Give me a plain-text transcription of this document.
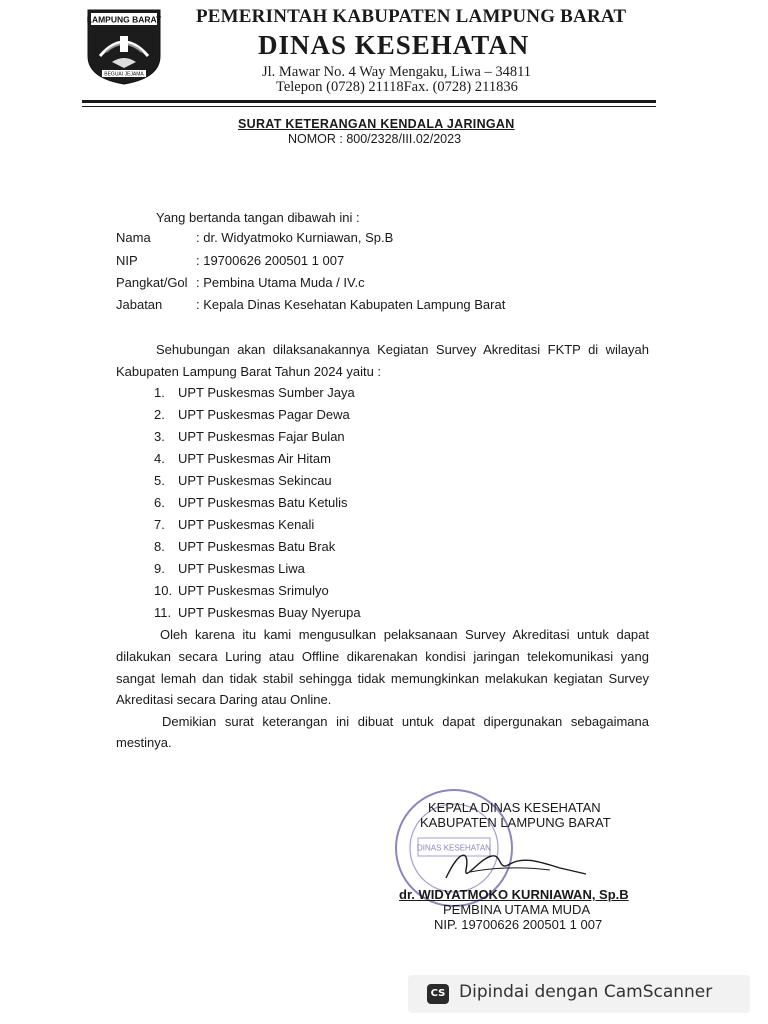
LAMPUNG BARAT
BEGUAI JEJAMA
PEMERINTAH KABUPATEN LAMPUNG BARAT
DINAS KESEHATAN
Jl. Mawar No. 4 Way Mengaku, Liwa – 34811
Telepon (0728) 21118Fax. (0728) 211836
SURAT KETERANGAN KENDALA JARINGAN
NOMOR : 800/2328/III.02/2023
Yang bertanda tangan dibawah ini :
Nama	: dr. Widyatmoko Kurniawan, Sp.B
NIP	: 19700626 200501 1 007
Pangkat/Gol : Pembina Utama Muda / IV.c
Jabatan	: Kepala Dinas Kesehatan Kabupaten Lampung Barat
Sehubungan akan dilaksanakannya Kegiatan Survey Akreditasi FKTP di wilayah
Kabupaten Lampung Barat Tahun 2024 yaitu :
1. UPT Puskesmas Sumber Jaya
2. UPT Puskesmas Pagar Dewa
3. UPT Puskesmas Fajar Bulan
4. UPT Puskesmas Air Hitam
5. UPT Puskesmas Sekincau
6. UPT Puskesmas Batu Ketulis
7. UPT Puskesmas Kenali
8. UPT Puskesmas Batu Brak
9. UPT Puskesmas Liwa
10. UPT Puskesmas Srimulyo
11. UPT Puskesmas Buay Nyerupa
Oleh karena itu kami mengusulkan pelaksanaan Survey Akreditasi untuk dapat
dilakukan secara Luring atau Offline dikarenakan kondisi jaringan telekomunikasi yang
sangat lemah dan tidak stabil sehingga tidak memungkinkan melakukan kegiatan Survey
Akreditasi secara Daring atau Online.
Demikian surat keterangan ini dibuat untuk dapat dipergunakan sebagaimana
mestinya.
DINAS KESEHATAN
KEPALA DINAS KESEHATAN
KABUPATEN LAMPUNG BARAT
dr. WIDYATMOKO KURNIAWAN, Sp.B
PEMBINA UTAMA MUDA
NIP. 19700626 200501 1 007
CS Dipindai dengan CamScanner
